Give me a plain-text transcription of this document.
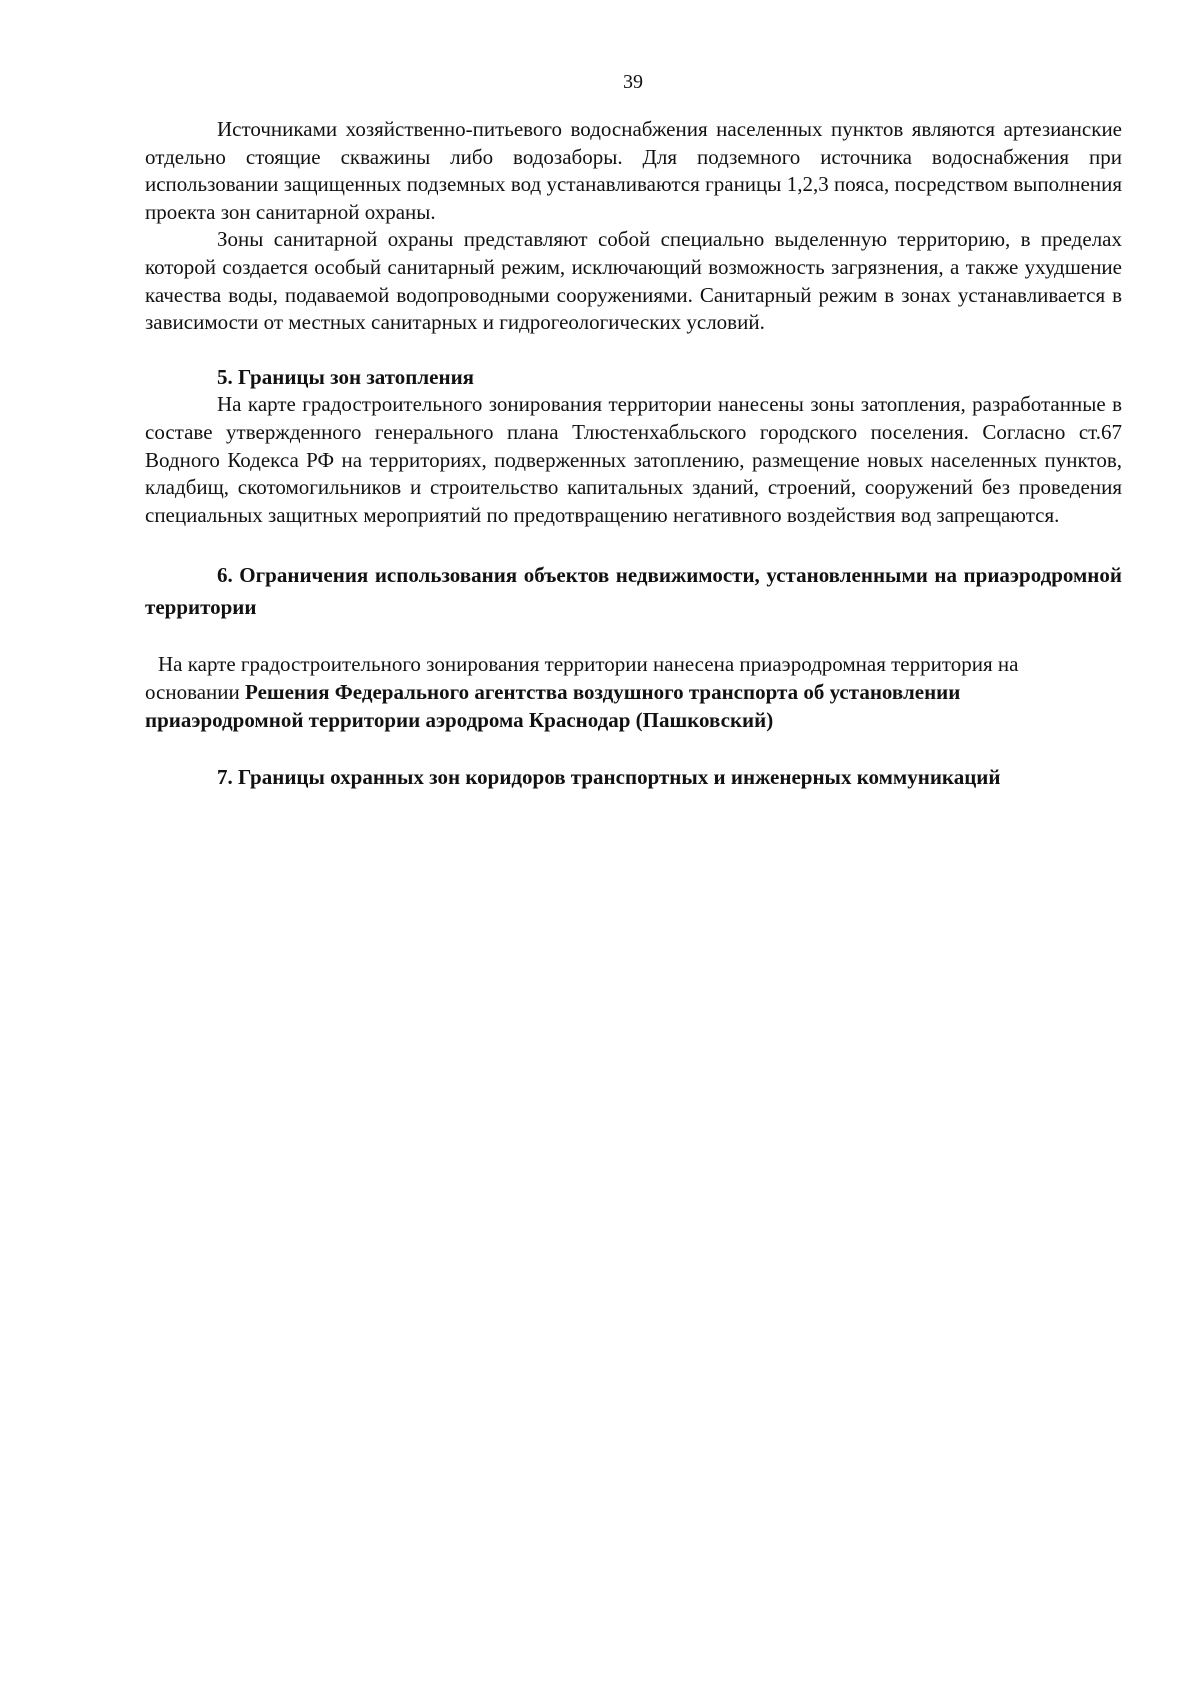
39

Источниками хозяйственно-питьевого водоснабжения населенных пунктов являются артезианские отдельно стоящие скважины либо водозаборы. Для подземного источника водоснабжения при использовании защищенных подземных вод устанавливаются границы 1,2,3 пояса, посредством выполнения проекта зон санитарной охраны.

Зоны санитарной охраны представляют собой специально выделенную территорию, в пределах которой создается особый санитарный режим, исключающий возможность загрязнения, а также ухудшение качества воды, подаваемой водопроводными сооружениями. Санитарный режим в зонах устанавливается в зависимости от местных санитарных и гидрогеологических условий.

5. Границы зон затопления

На карте градостроительного зонирования территории нанесены зоны затопления, разработанные в составе утвержденного генерального плана Тлюстенхабльского городского поселения. Согласно ст.67 Водного Кодекса РФ на территориях, подверженных затоплению, размещение новых населенных пунктов, кладбищ, скотомогильников и строительство капитальных зданий, строений, сооружений без проведения специальных защитных мероприятий по предотвращению негативного воздействия вод запрещаются.

6. Ограничения использования объектов недвижимости, установленными на приаэродромной территории

На карте градостроительного зонирования территории нанесена приаэродромная территория на основании Решения Федерального агентства воздушного транспорта об установлении приаэродромной территории аэродрома Краснодар (Пашковский)

7. Границы охранных зон коридоров транспортных и инженерных коммуникаций
